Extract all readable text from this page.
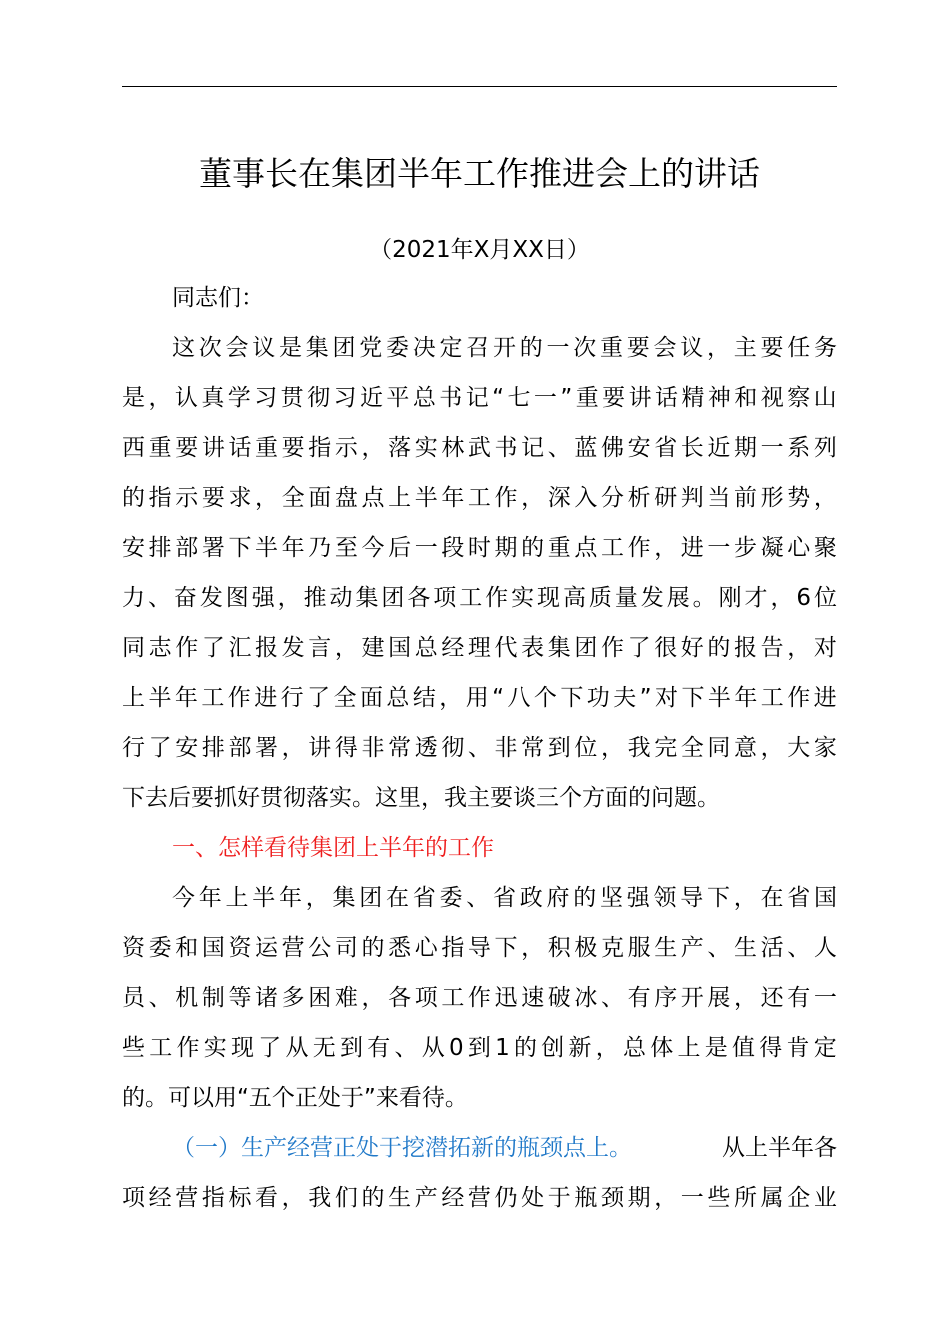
董事长在集团半年工作推进会上的讲话
（2021年X月XX日）
同志们：
这 次 会 议 是 集 团 党 委 决 定 召 开 的 一 次 重 要 会 议 ， 主 要 任 务
是 ， 认 真 学 习 贯 彻 习 近 平 总 书 记 “ 七 一 ” 重 要 讲 话 精 神 和 视 察 山
西 重 要 讲 话 重 要 指 示 ， 落 实 林 武 书 记 、 蓝 佛 安 省 长 近 期 一 系 列
的 指 示 要 求 ， 全 面 盘 点 上 半 年 工 作 ， 深 入 分 析 研 判 当 前 形 势 ，
安 排 部 署 下 半 年 乃 至 今 后 一 段 时 期 的 重 点 工 作 ， 进 一 步 凝 心 聚
力 、 奋 发 图 强 ， 推 动 集 团 各 项 工 作 实 现 高 质 量 发 展 。 刚 才 ， 6 位
同 志 作 了 汇 报 发 言 ， 建 国 总 经 理 代 表 集 团 作 了 很 好 的 报 告 ， 对
上 半 年 工 作 进 行 了 全 面 总 结 ， 用 “ 八 个 下 功 夫 ” 对 下 半 年 工 作 进
行 了 安 排 部 署 ， 讲 得 非 常 透 彻 、 非 常 到 位 ， 我 完 全 同 意 ， 大 家
下去后要抓好贯彻落实。这里，我主要谈三个方面的问题。
一、怎样看待集团上半年的工作
今 年 上 半 年 ， 集 团 在 省 委 、 省 政 府 的 坚 强 领 导 下 ， 在 省 国
资 委 和 国 资 运 营 公 司 的 悉 心 指 导 下 ， 积 极 克 服 生 产 、 生 活 、 人
员 、 机 制 等 诸 多 困 难 ， 各 项 工 作 迅 速 破 冰 、 有 序 开 展 ， 还 有 一
些 工 作 实 现 了 从 无 到 有 、 从 0 到 1 的 创 新 ， 总 体 上 是 值 得 肯 定
的。可以用“五个正处于”来看待。
（一）生产经营正处于挖潜拓新的瓶颈点上。	从上半年各
项 经 营 指 标 看 ， 我 们 的 生 产 经 营 仍 处 于 瓶 颈 期 ， 一 些 所 属 企 业
